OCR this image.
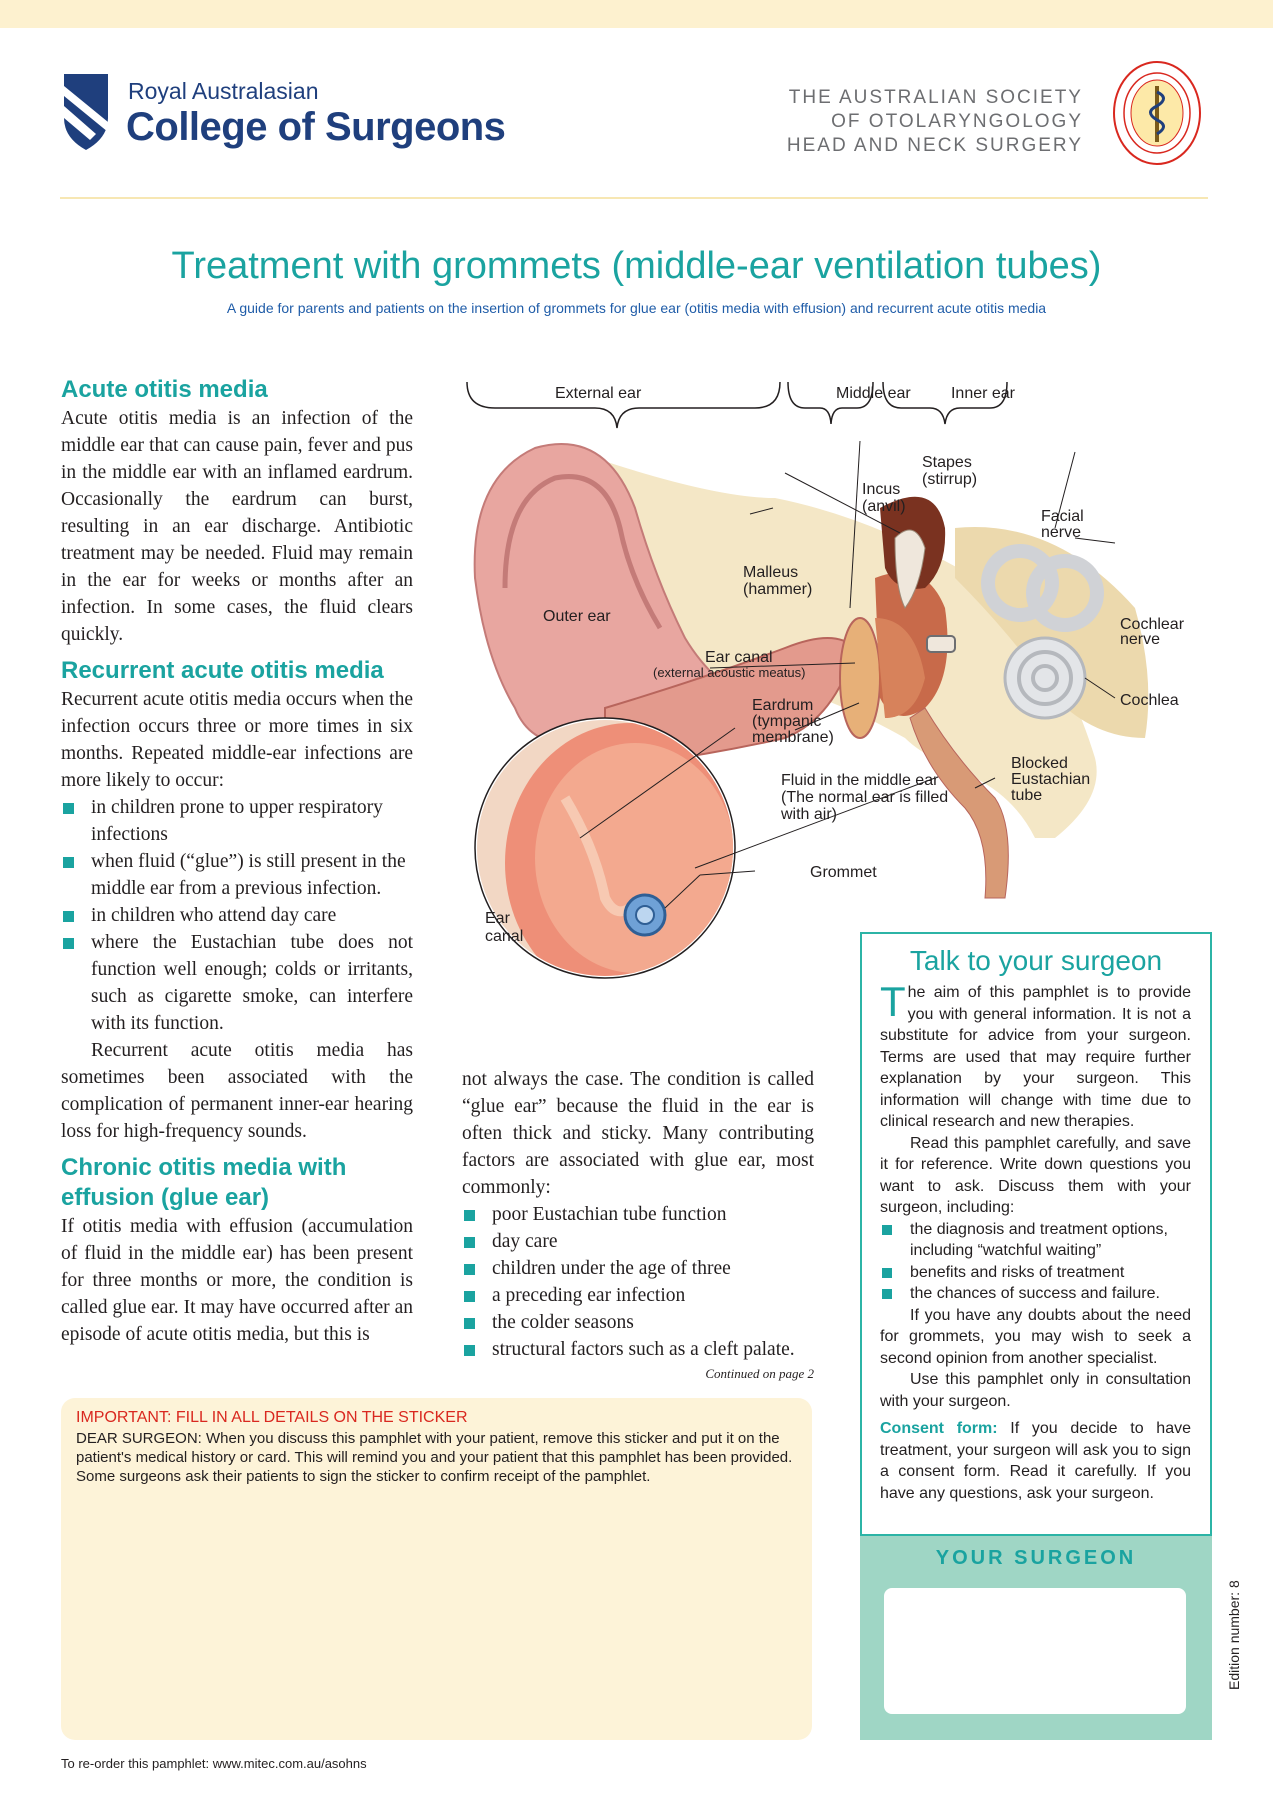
Royal Australasian
College of Surgeons
THE AUSTRALIAN SOCIETY
OF OTOLARYNGOLOGY
HEAD AND NECK SURGERY
Treatment with grommets (middle-ear ventilation tubes)
A guide for parents and patients on the insertion of grommets for glue ear (otitis media with effusion) and recurrent acute otitis media
Acute otitis media

Acute otitis media is an infection of the middle ear that can cause pain, fever and pus in the middle ear with an inflamed eardrum. Occasionally the eardrum can burst, resulting in an ear discharge. Antibiotic treatment may be needed. Fluid may remain in the ear for weeks or months after an infection. In some cases, the fluid clears quickly.

Recurrent acute otitis media

Recurrent acute otitis media occurs when the infection occurs three or more times in six months. Repeated middle-ear infections are more likely to occur:

in children prone to upper respiratory infections
when fluid (“glue”) is still present in the middle ear from a previous infection.
in children who attend day care
where the Eustachian tube does not function well enough; colds or irritants, such as cigarette smoke, can interfere with its function.

Recurrent acute otitis media has sometimes been associated with the complication of permanent inner-ear hearing loss for high-frequency sounds.

Chronic otitis media with effusion (glue ear)

If otitis media with effusion (accumulation of fluid in the middle ear) has been present for three months or more, the condition is called glue ear. It may have occurred after an episode of acute otitis media, but this is

not always the case. The condition is called “glue ear” because the fluid in the ear is often thick and sticky. Many contributing factors are associated with glue ear, most commonly:

poor Eustachian tube function
day care
children under the age of three
a preceding ear infection
the colder seasons
structural factors such as a cleft palate.
Continued on page 2
External ear	Middle ear	Inner ear
Stapes
(stirrup)
Incus
(anvil)
Facial
nerve
Malleus
(hammer)
Outer ear	Cochlear
nerve
Ear canal
(external acoustic meatus)
Cochlea
Eardrum
(tympanic
membrane)
Blocked
Eustachian
tube
Fluid in the middle ear
(The normal ear is filled
with air)
Grommet
Ear
canal
IMPORTANT: FILL IN ALL DETAILS ON THE STICKER
DEAR SURGEON: When you discuss this pamphlet with your patient, remove this sticker and put it on the patient's medical history or card. This will remind you and your patient that this pamphlet has been provided. Some surgeons ask their patients to sign the sticker to confirm receipt of the pamphlet.
Talk to your surgeon

The aim of this pamphlet is to provide you with general information. It is not a substitute for advice from your surgeon. Terms are used that may require further explanation by your surgeon. This information will change with time due to clinical research and new therapies.

Read this pamphlet carefully, and save it for reference. Write down questions you want to ask. Discuss them with your surgeon, including:

the diagnosis and treatment options, including “watchful waiting”
benefits and risks of treatment
the chances of success and failure.

If you have any doubts about the need for grommets, you may wish to seek a second opinion from another specialist.

Use this pamphlet only in consultation with your surgeon.

Consent form: If you decide to have treatment, your surgeon will ask you to sign a consent form. Read it carefully. If you have any questions, ask your surgeon.

YOUR SURGEON
Edition number: 8
To re-order this pamphlet: www.mitec.com.au/asohns
